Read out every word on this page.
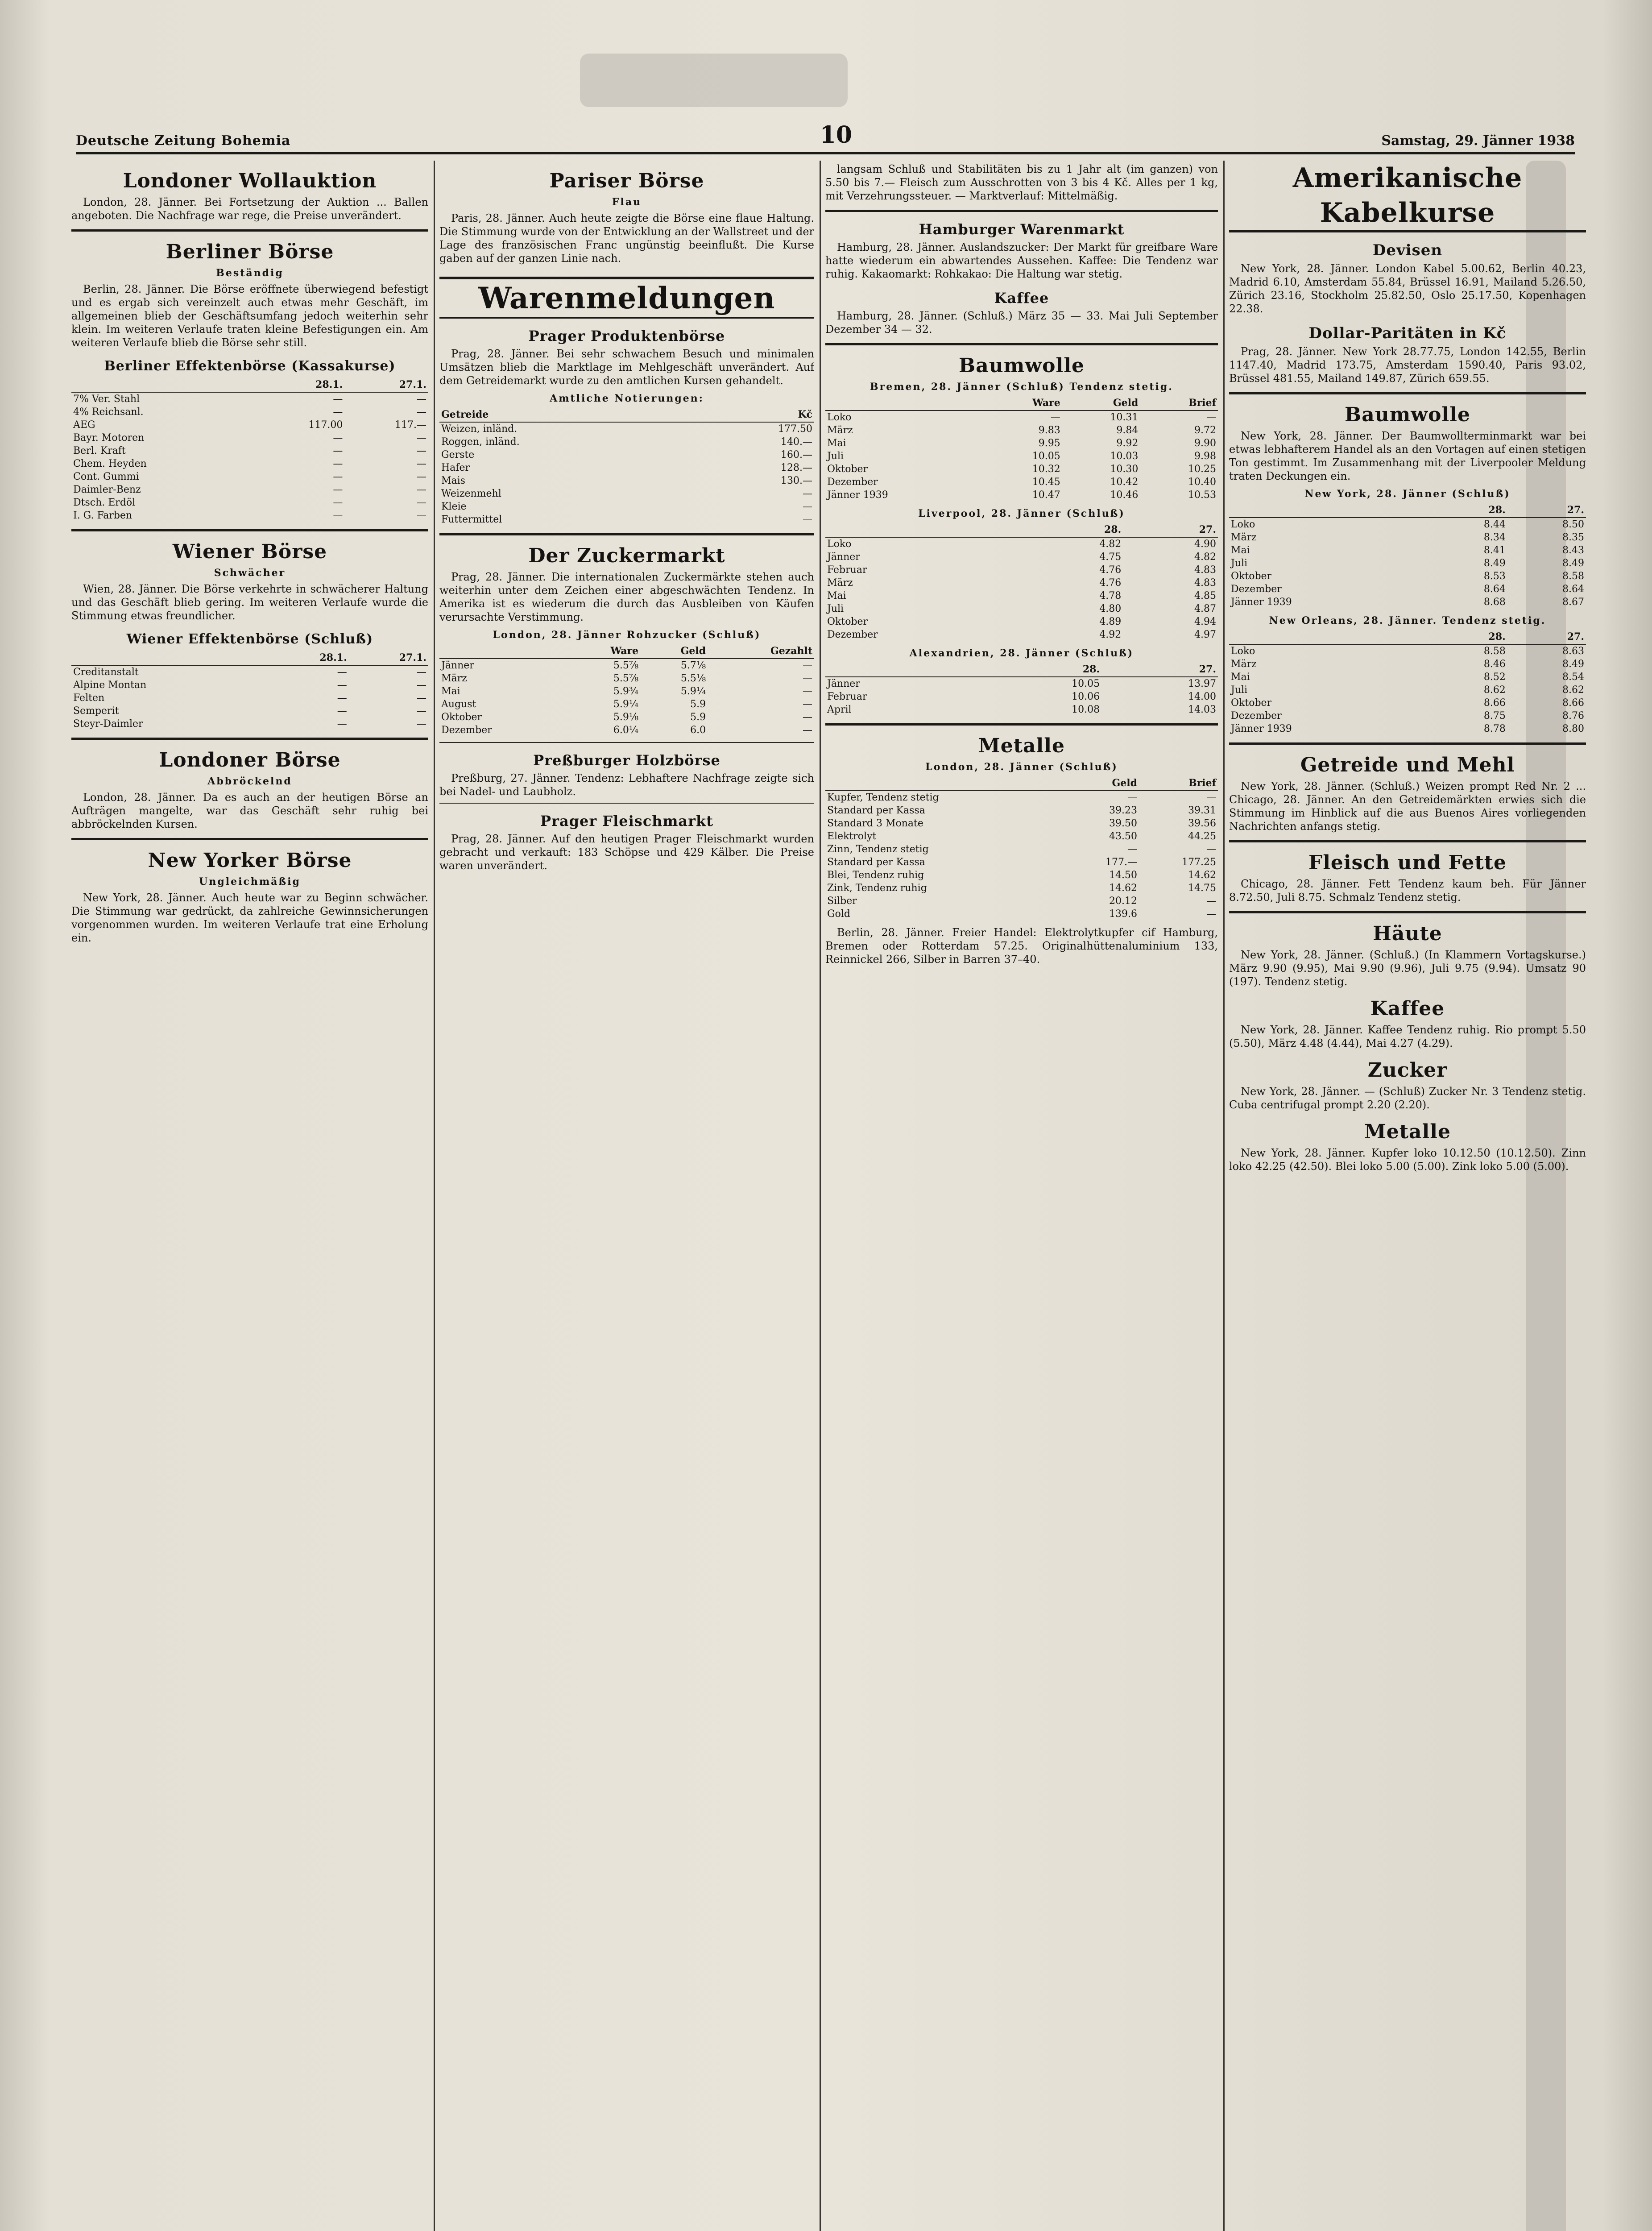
Deutsche Zeitung Bohemia	10	Samstag, 29. Jänner 1938
Londoner Wollauktion

London, 28. Jänner. Bei Fortsetzung der Auktion ... Ballen angeboten. Die Nachfrage war rege, die Preise unverändert.

Berliner Börse
Beständig

Berlin, 28. Jänner. Die Börse eröffnete überwiegend befestigt und es ergab sich vereinzelt auch etwas mehr Geschäft, im allgemeinen blieb der Geschäftsumfang jedoch weiterhin sehr klein. Im weiteren Verlaufe traten kleine Befestigungen ein. Am weiteren Verlaufe blieb die Börse sehr still.

Berliner Effektenbörse (Kassakurse)
	28.1.	27.1.
7% Ver. Stahl	—	—
4% Reichsanl.	—	—
AEG	117.00	117.—
Bayr. Motoren	—	—
Berl. Kraft	—	—
Chem. Heyden	—	—
Cont. Gummi	—	—
Daimler-Benz	—	—
Dtsch. Erdöl	—	—
I. G. Farben	—	—
Wiener Börse
Schwächer

Wien, 28. Jänner. Die Börse verkehrte in schwächerer Haltung und das Geschäft blieb gering. Im weiteren Verlaufe wurde die Stimmung etwas freundlicher.

Wiener Effektenbörse (Schluß)
	28.1.	27.1.
Creditanstalt	—	—
Alpine Montan	—	—
Felten	—	—
Semperit	—	—
Steyr-Daimler	—	—
Londoner Börse
Abbröckelnd

London, 28. Jänner. Da es auch an der heutigen Börse an Aufträgen mangelte, war das Geschäft sehr ruhig bei abbröckelnden Kursen.

New Yorker Börse
Ungleichmäßig

New York, 28. Jänner. Auch heute war zu Beginn schwächer. Die Stimmung war gedrückt, da zahlreiche Gewinnsicherungen vorgenommen wurden. Im weiteren Verlaufe trat eine Erholung ein.

Pariser Börse
Flau

Paris, 28. Jänner. Auch heute zeigte die Börse eine flaue Haltung. Die Stimmung wurde von der Entwicklung an der Wallstreet und der Lage des französischen Franc ungünstig beeinflußt. Die Kurse gaben auf der ganzen Linie nach.

Warenmeldungen
Prager Produktenbörse

Prag, 28. Jänner. Bei sehr schwachem Besuch und minimalen Umsätzen blieb die Marktlage im Mehlgeschäft unverändert. Auf dem Getreidemarkt wurde zu den amtlichen Kursen gehandelt.

Amtliche Notierungen:
Getreide	Kč
Weizen, inländ.	177.50
Roggen, inländ.	140.—
Gerste	160.—
Hafer	128.—
Mais	130.—
Weizenmehl	—
Kleie	—
Futtermittel	—
Der Zuckermarkt

Prag, 28. Jänner. Die internationalen Zuckermärkte stehen auch weiterhin unter dem Zeichen einer abgeschwächten Tendenz. In Amerika ist es wiederum die durch das Ausbleiben von Käufen verursachte Verstimmung.

London, 28. Jänner Rohzucker (Schluß)
	Ware	Geld	Gezahlt
Jänner	5.5⅞	5.7⅛	—
März	5.5⅞	5.5⅛	—
Mai	5.9¾	5.9¼	—
August	5.9¼	5.9	—
Oktober	5.9⅛	5.9	—
Dezember	6.0¼	6.0	—
Preßburger Holzbörse

Preßburg, 27. Jänner. Tendenz: Lebhaftere Nachfrage zeigte sich bei Nadel- und Laubholz.

Prager Fleischmarkt

Prag, 28. Jänner. Auf den heutigen Prager Fleischmarkt wurden gebracht und verkauft: 183 Schöpse und 429 Kälber. Die Preise waren unverändert.

langsam Schluß und Stabilitäten bis zu 1 Jahr alt (im ganzen) von 5.50 bis 7.— Fleisch zum Ausschrotten von 3 bis 4 Kč. Alles per 1 kg, mit Verzehrungssteuer. — Marktverlauf: Mittelmäßig.

Hamburger Warenmarkt

Hamburg, 28. Jänner. Auslandszucker: Der Markt für greifbare Ware hatte wiederum ein abwartendes Aussehen. Kaffee: Die Tendenz war ruhig. Kakaomarkt: Rohkakao: Die Haltung war stetig.

Kaffee

Hamburg, 28. Jänner. (Schluß.) März 35 — 33. Mai Juli September Dezember 34 — 32.

Baumwolle
Bremen, 28. Jänner (Schluß) Tendenz stetig.
	Ware	Geld	Brief
Loko	—	10.31	—
März	9.83	9.84	9.72
Mai	9.95	9.92	9.90
Juli	10.05	10.03	9.98
Oktober	10.32	10.30	10.25
Dezember	10.45	10.42	10.40
Jänner 1939	10.47	10.46	10.53
Liverpool, 28. Jänner (Schluß)
	28.	27.
Loko	4.82	4.90
Jänner	4.75	4.82
Februar	4.76	4.83
März	4.76	4.83
Mai	4.78	4.85
Juli	4.80	4.87
Oktober	4.89	4.94
Dezember	4.92	4.97
Alexandrien, 28. Jänner (Schluß)
	28.	27.
Jänner	10.05	13.97
Februar	10.06	14.00
April	10.08	14.03
Metalle
London, 28. Jänner (Schluß)
	Geld	Brief
Kupfer, Tendenz stetig	—	—
Standard per Kassa	39.23	39.31
Standard 3 Monate	39.50	39.56
Elektrolyt	43.50	44.25
Zinn, Tendenz stetig	—	—
Standard per Kassa	177.—	177.25
Blei, Tendenz ruhig	14.50	14.62
Zink, Tendenz ruhig	14.62	14.75
Silber	20.12	—
Gold	139.6	—

Berlin, 28. Jänner. Freier Handel: Elektrolytkupfer cif Hamburg, Bremen oder Rotterdam 57.25. Originalhüttenaluminium 133, Reinnickel 266, Silber in Barren 37–40.

Amerikanische Kabelkurse
Devisen

New York, 28. Jänner. London Kabel 5.00.62, Berlin 40.23, Madrid 6.10, Amsterdam 55.84, Brüssel 16.91, Mailand 5.26.50, Zürich 23.16, Stockholm 25.82.50, Oslo 25.17.50, Kopenhagen 22.38.

Dollar-Paritäten in Kč

Prag, 28. Jänner. New York 28.77.75, London 142.55, Berlin 1147.40, Madrid 173.75, Amsterdam 1590.40, Paris 93.02, Brüssel 481.55, Mailand 149.87, Zürich 659.55.

Baumwolle

New York, 28. Jänner. Der Baumwollterminmarkt war bei etwas lebhafterem Handel als an den Vortagen auf einen stetigen Ton gestimmt. Im Zusammenhang mit der Liverpooler Meldung traten Deckungen ein.

New York, 28. Jänner (Schluß)
	28.	27.
Loko	8.44	8.50
März	8.34	8.35
Mai	8.41	8.43
Juli	8.49	8.49
Oktober	8.53	8.58
Dezember	8.64	8.64
Jänner 1939	8.68	8.67
New Orleans, 28. Jänner. Tendenz stetig.
	28.	27.
Loko	8.58	8.63
März	8.46	8.49
Mai	8.52	8.54
Juli	8.62	8.62
Oktober	8.66	8.66
Dezember	8.75	8.76
Jänner 1939	8.78	8.80
Getreide und Mehl

New York, 28. Jänner. (Schluß.) Weizen prompt Red Nr. 2 ... Chicago, 28. Jänner. An den Getreidemärkten erwies sich die Stimmung im Hinblick auf die aus Buenos Aires vorliegenden Nachrichten anfangs stetig.

Fleisch und Fette

Chicago, 28. Jänner. Fett Tendenz kaum beh. Für Jänner 8.72.50, Juli 8.75. Schmalz Tendenz stetig.

Häute

New York, 28. Jänner. (Schluß.) (In Klammern Vortagskurse.) März 9.90 (9.95), Mai 9.90 (9.96), Juli 9.75 (9.94). Umsatz 90 (197). Tendenz stetig.

Kaffee

New York, 28. Jänner. Kaffee Tendenz ruhig. Rio prompt 5.50 (5.50), März 4.48 (4.44), Mai 4.27 (4.29).

Zucker

New York, 28. Jänner. — (Schluß) Zucker Nr. 3 Tendenz stetig. Cuba centrifugal prompt 2.20 (2.20).

Metalle

New York, 28. Jänner. Kupfer loko 10.12.50 (10.12.50). Zinn loko 42.25 (42.50). Blei loko 5.00 (5.00). Zink loko 5.00 (5.00).
